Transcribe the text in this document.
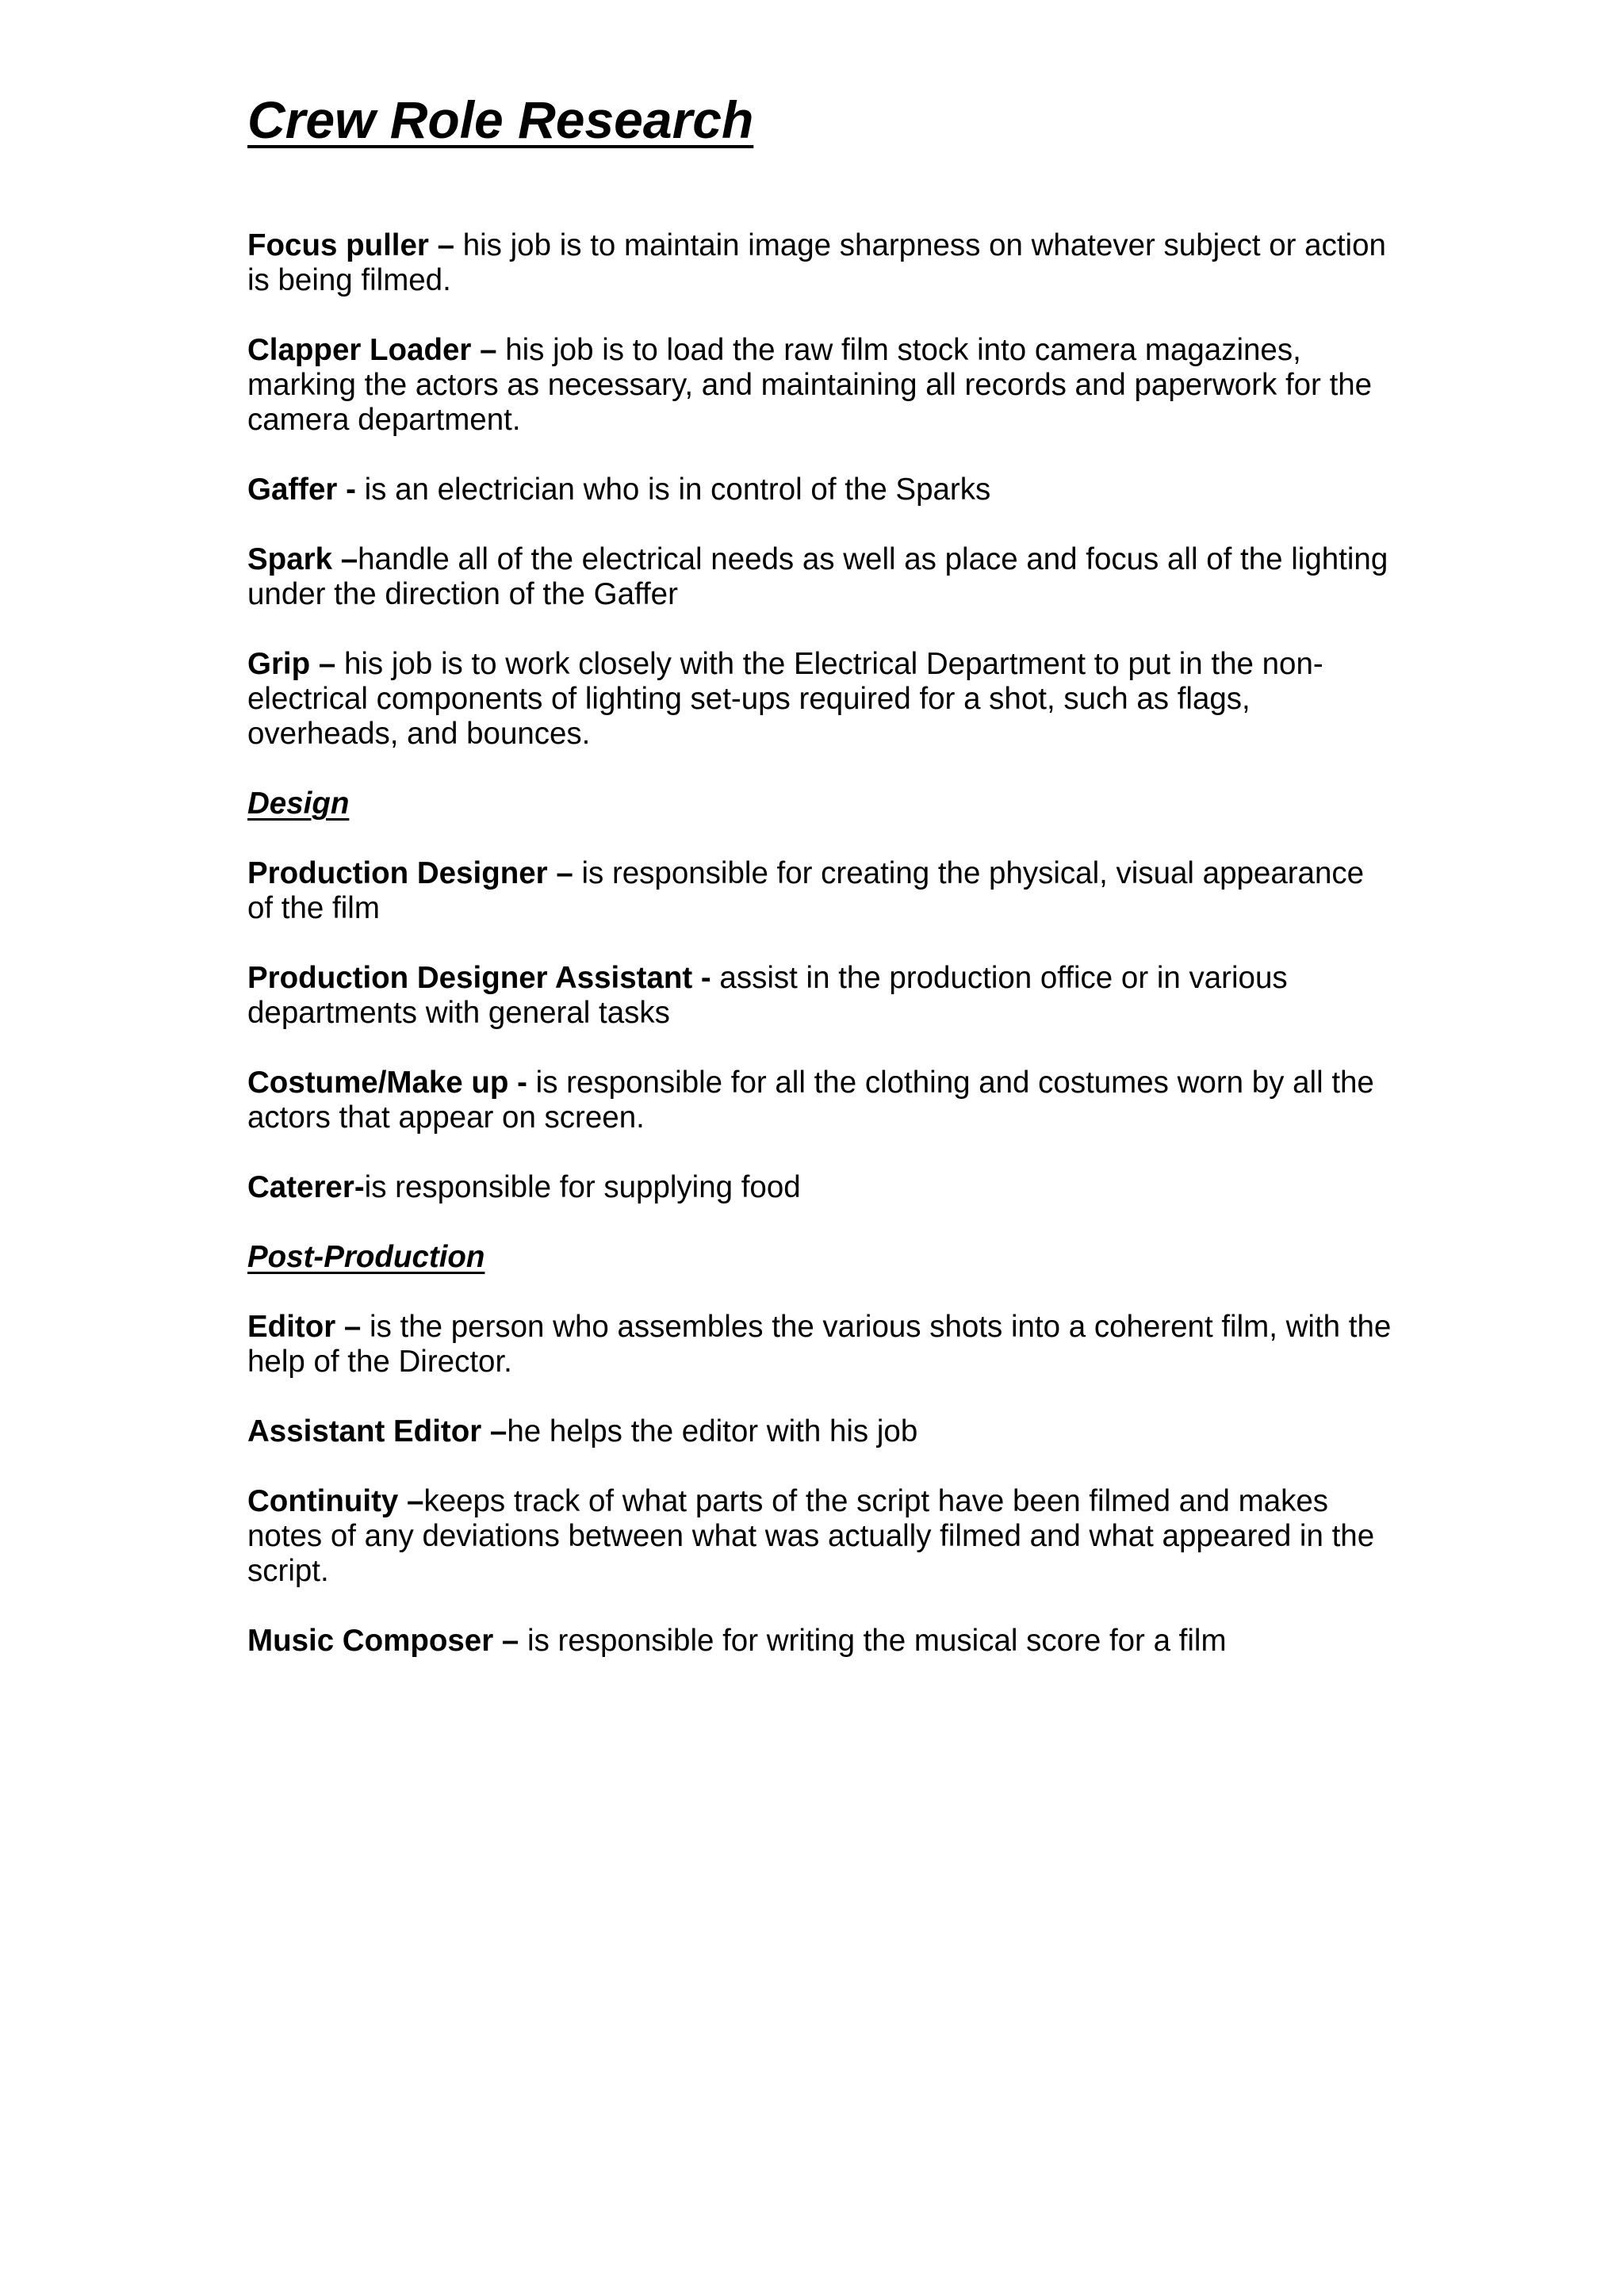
Crew Role Research

Focus puller – his job is to maintain image sharpness on whatever subject or action is being filmed.

Clapper Loader – his job is to load the raw film stock into camera magazines, marking the actors as necessary, and maintaining all records and paperwork for the camera department.

Gaffer - is an electrician who is in control of the Sparks

Spark –handle all of the electrical needs as well as place and focus all of the lighting under the direction of the Gaffer

Grip – his job is to work closely with the Electrical Department to put in the non-electrical components of lighting set-ups required for a shot, such as flags, overheads, and bounces.

Design

Production Designer – is responsible for creating the physical, visual appearance of the film

Production Designer Assistant - assist in the production office or in various departments with general tasks

Costume/Make up - is responsible for all the clothing and costumes worn by all the actors that appear on screen.

Caterer-is responsible for supplying food

Post-Production

Editor – is the person who assembles the various shots into a coherent film, with the help of the Director.

Assistant Editor –he helps the editor with his job

Continuity –keeps track of what parts of the script have been filmed and makes notes of any deviations between what was actually filmed and what appeared in the script.

Music Composer – is responsible for writing the musical score for a film
